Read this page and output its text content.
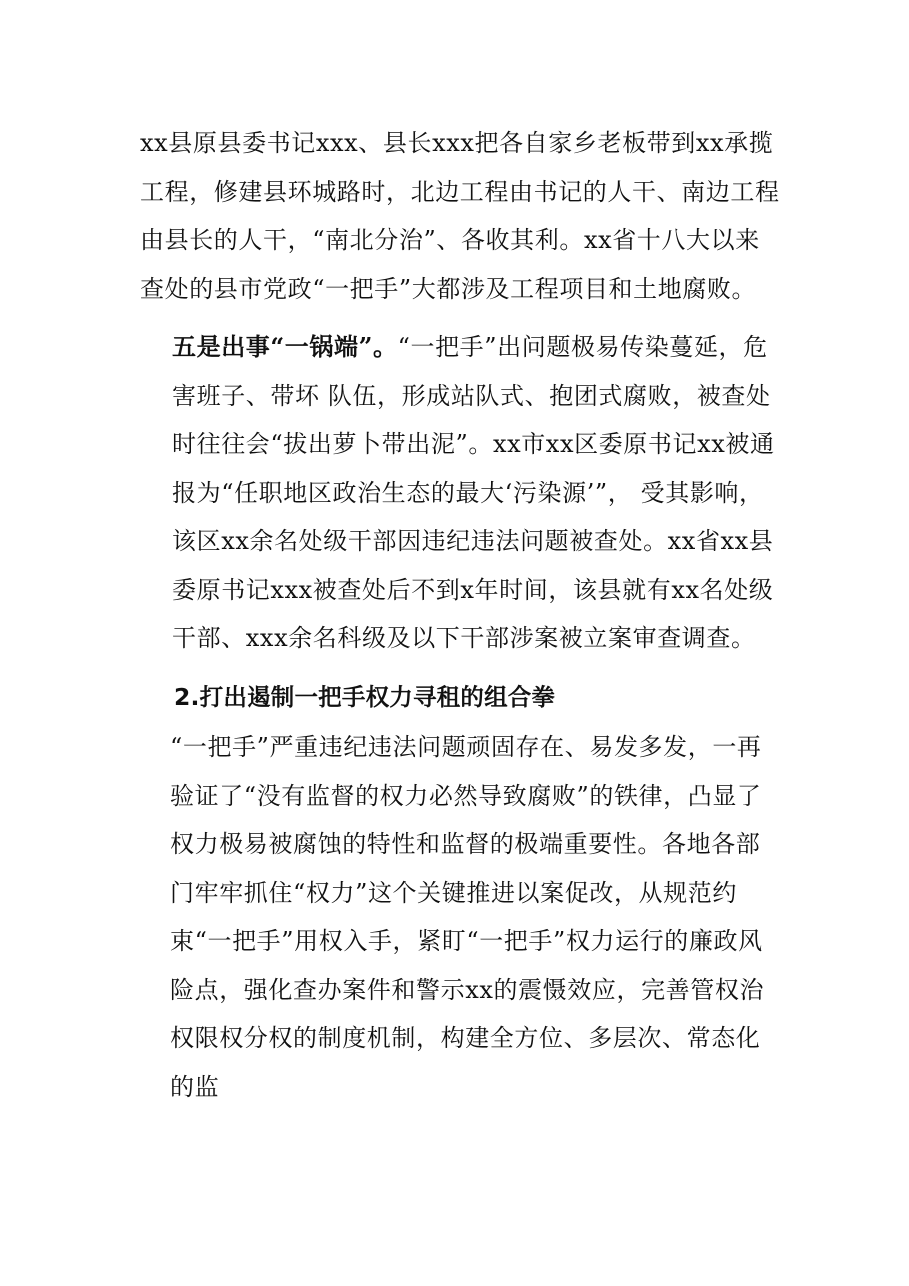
xx县原县委书记xxx、县长xxx把各自家乡老板带到xx承揽工程，修建县环城路时，北边工程由书记的人干、南边工程由县长的人干，“南北分治”、各收其利。xx省十八大以来查处的县市党政“一把手”大都涉及工程项目和土地腐败。

五是出事“一锅端”。“一把手”出问题极易传染蔓延，危害班子、带坏 队伍，形成站队式、抱团式腐败，被查处时往往会“拔出萝卜带出泥”。xx市xx区委原书记xx被通报为“任职地区政治生态的最大‘污染源’”， 受其影响，该区xx余名处级干部因违纪违法问题被查处。xx省xx县委原书记xxx被查处后不到x年时间，该县就有xx名处级干部、xxx余名科级及以下干部涉案被立案审查调查。

2.打出遏制一把手权力寻租的组合拳

“一把手”严重违纪违法问题顽固存在、易发多发，一再验证了“没有监督的权力必然导致腐败”的铁律，凸显了权力极易被腐蚀的特性和监督的极端重要性。各地各部门牢牢抓住“权力”这个关键推进以案促改，从规范约束“一把手”用权入手，紧盯“一把手”权力运行的廉政风险点，强化查办案件和警示xx的震慑效应，完善管权治权限权分权的制度机制，构建全方位、多层次、常态化的监
